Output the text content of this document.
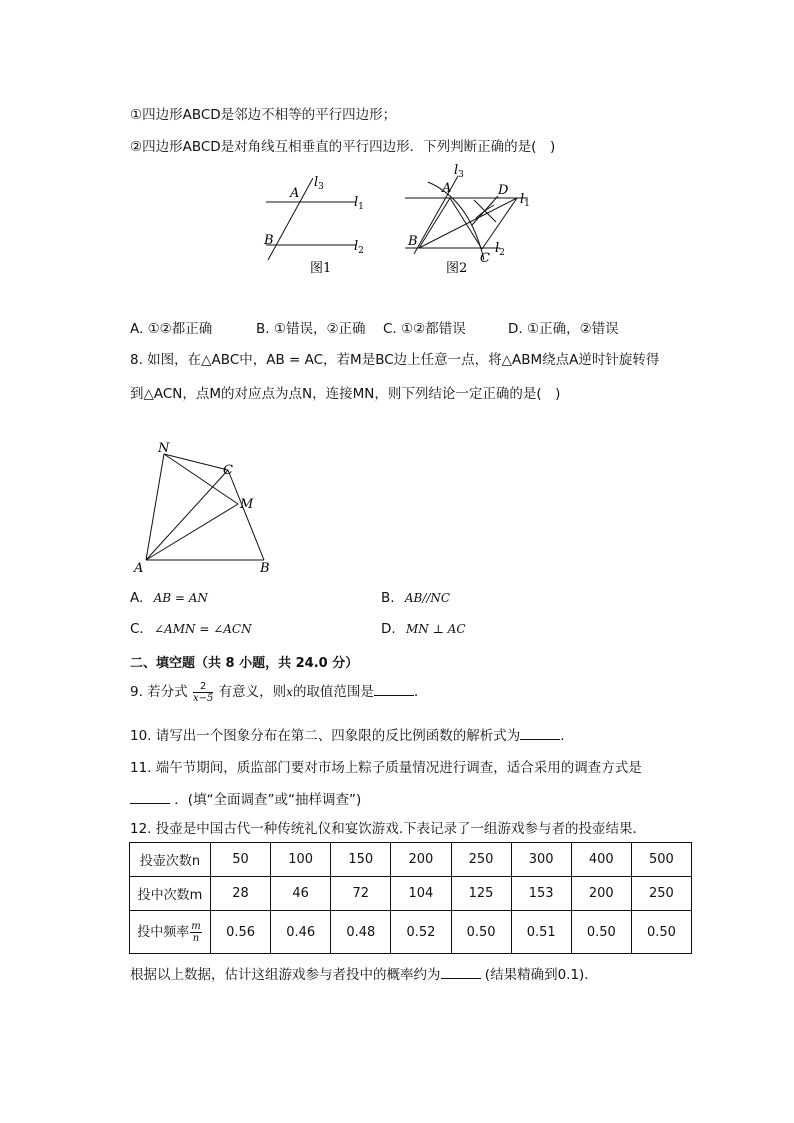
①四边形ABCD是邻边不相等的平行四边形；
②四边形ABCD是对角线互相垂直的平行四边形．下列判断正确的是(　)
A
$l_3$
$l_1$
B	$l_2$
图1
$l_3$
A	D
$l_1$
B	$l_2$
C
图2
A. ①②都正确	B. ①错误，②正确 C. ①②都错误	D. ①正确，②错误
8. 如图，在△ABC中，AB = AC，若M是BC边上任意一点，将△ABM绕点A逆时针旋转得
到△ACN，点M的对应点为点N，连接MN，则下列结论一定正确的是(　)
N
C
M
A	B
A. AB = AN	B. AB//NC
C. ∠AMN = ∠ACN	D. MN ⊥ AC
二、填空题（共 8 小题，共 24.0 分）
9. 若分式 $\frac{2}{x-5}$ 有意义，则x的取值范围是	．
10. 请写出一个图象分布在第二、四象限的反比例函数的解析式为	．
11. 端午节期间，质监部门要对市场上粽子质量情况进行调查，适合采用的调查方式是
．(填“全面调查”或“抽样调查”)
12. 投壶是中国古代一种传统礼仪和宴饮游戏.下表记录了一组游戏参与者的投壶结果．
投壶次数n	50	100	150	200	250	300	400	500
投中次数m	28	46	72	104	125	153	200	250
投中频率 $\frac{m}{n}$	0.56	0.46	0.48	0.52	0.50	0.51	0.50	0.50
根据以上数据，估计这组游戏参与者投中的概率约为	(结果精确到0.1)．
